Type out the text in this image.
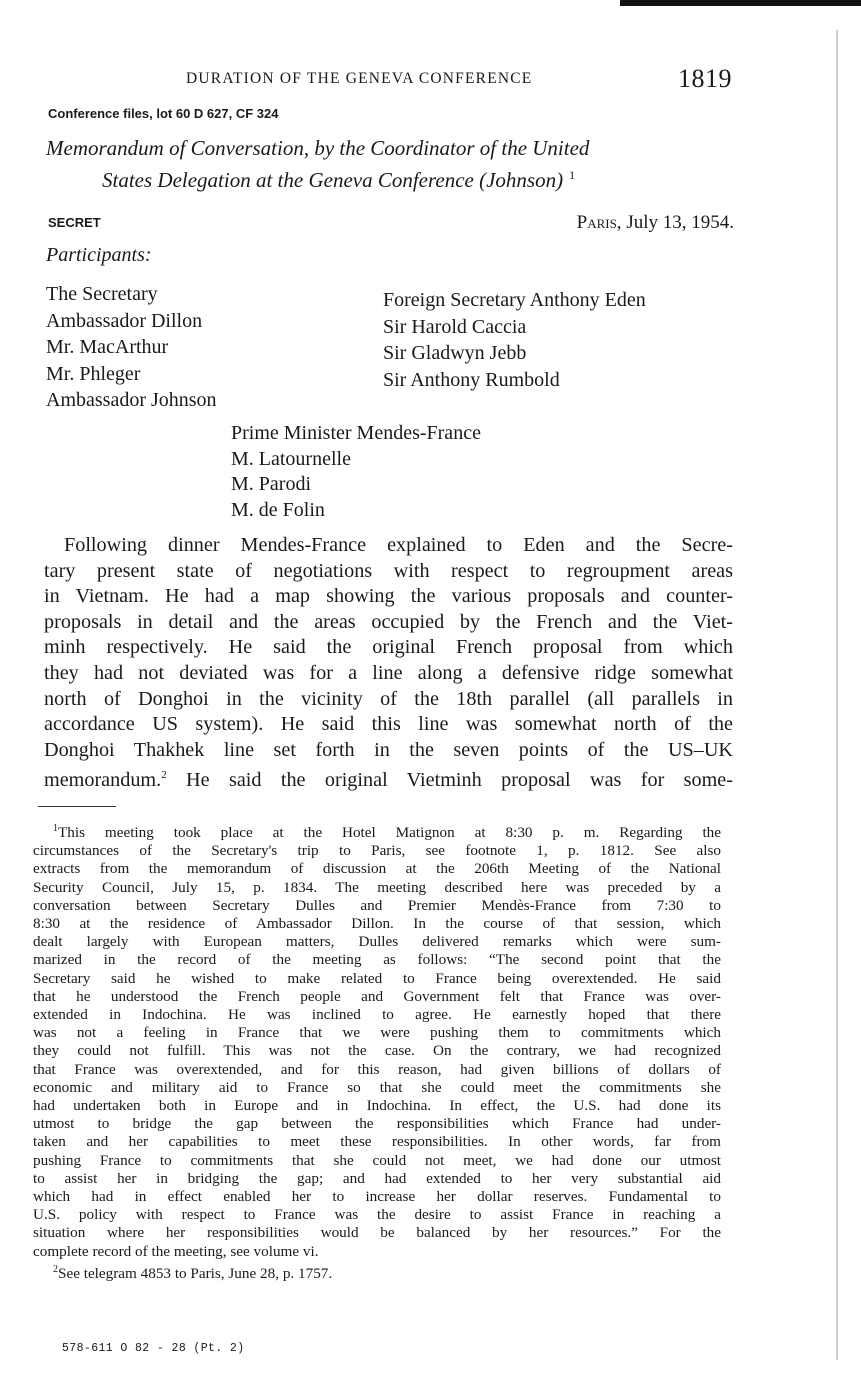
DURATION OF THE GENEVA CONFERENCE	1819
Conference files, lot 60 D 627, CF 324
Memorandum of Conversation, by the Coordinator of the United
States Delegation at the Geneva Conference (Johnson) $^1$
SECRET	Paris, July 13, 1954.
Participants:
The Secretary
Ambassador Dillon
Mr. MacArthur
Mr. Phleger
Ambassador Johnson
Foreign Secretary Anthony Eden
Sir Harold Caccia
Sir Gladwyn Jebb
Sir Anthony Rumbold
Prime Minister Mendes-France
M. Latournelle
M. Parodi
M. de Folin
Following dinner Mendes-France explained to Eden and the Secre-
tary present state of negotiations with respect to regroupment areas
in Vietnam. He had a map showing the various proposals and counter-
proposals in detail and the areas occupied by the French and the Viet-
minh respectively. He said the original French proposal from which
they had not deviated was for a line along a defensive ridge somewhat
north of Donghoi in the vicinity of the 18th parallel (all parallels in
accordance US system). He said this line was somewhat north of the
Donghoi Thakhek line set forth in the seven points of the US–UK
memorandum.$^2$ He said the original Vietminh proposal was for some-
$^1$This meeting took place at the Hotel Matignon at 8:30 p. m. Regarding the
circumstances of the Secretary's trip to Paris, see footnote 1, p. 1812. See also
extracts from the memorandum of discussion at the 206th Meeting of the National
Security Council, July 15, p. 1834. The meeting described here was preceded by a
conversation between Secretary Dulles and Premier Mendès-France from 7:30 to
8:30 at the residence of Ambassador Dillon. In the course of that session, which
dealt largely with European matters, Dulles delivered remarks which were sum-
marized in the record of the meeting as follows: “The second point that the
Secretary said he wished to make related to France being overextended. He said
that he understood the French people and Government felt that France was over-
extended in Indochina. He was inclined to agree. He earnestly hoped that there
was not a feeling in France that we were pushing them to commitments which
they could not fulfill. This was not the case. On the contrary, we had recognized
that France was overextended, and for this reason, had given billions of dollars of
economic and military aid to France so that she could meet the commitments she
had undertaken both in Europe and in Indochina. In effect, the U.S. had done its
utmost to bridge the gap between the responsibilities which France had under-
taken and her capabilities to meet these responsibilities. In other words, far from
pushing France to commitments that she could not meet, we had done our utmost
to assist her in bridging the gap; and had extended to her very substantial aid
which had in effect enabled her to increase her dollar reserves. Fundamental to
U.S. policy with respect to France was the desire to assist France in reaching a
situation where her responsibilities would be balanced by her resources.” For the
complete record of the meeting, see volume vi.
$^2$See telegram 4853 to Paris, June 28, p. 1757.
578-611 O 82 - 28 (Pt. 2)
